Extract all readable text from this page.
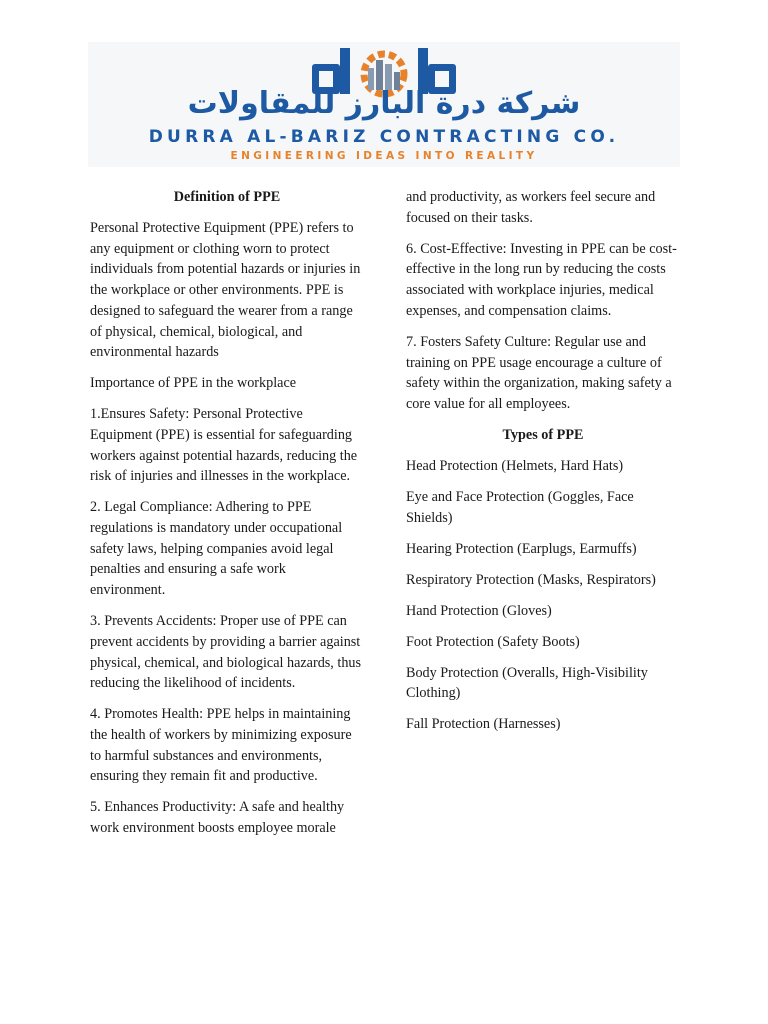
شركة درة البارز للمقاولات
DURRA AL-BARIZ CONTRACTING CO.
ENGINEERING IDEAS INTO REALITY
Definition of PPE

Personal Protective Equipment (PPE) refers to any equipment or clothing worn to protect individuals from potential hazards or injuries in the workplace or other environments. PPE is designed to safeguard the wearer from a range of physical, chemical, biological, and environmental hazards

Importance of PPE in the workplace

1.Ensures Safety: Personal Protective Equipment (PPE) is essential for safeguarding workers against potential hazards, reducing the risk of injuries and illnesses in the workplace.

2. Legal Compliance: Adhering to PPE regulations is mandatory under occupational safety laws, helping companies avoid legal penalties and ensuring a safe work environment.

3. Prevents Accidents: Proper use of PPE can prevent accidents by providing a barrier against physical, chemical, and biological hazards, thus reducing the likelihood of incidents.

4. Promotes Health: PPE helps in maintaining the health of workers by minimizing exposure to harmful substances and environments, ensuring they remain fit and productive.

5. Enhances Productivity: A safe and healthy work environment boosts employee morale

and productivity, as workers feel secure and focused on their tasks.

6. Cost-Effective: Investing in PPE can be cost-effective in the long run by reducing the costs associated with workplace injuries, medical expenses, and compensation claims.

7. Fosters Safety Culture: Regular use and training on PPE usage encourage a culture of safety within the organization, making safety a core value for all employees.

Types of PPE

Head Protection (Helmets, Hard Hats)

Eye and Face Protection (Goggles, Face Shields)

Hearing Protection (Earplugs, Earmuffs)

Respiratory Protection (Masks, Respirators)

Hand Protection (Gloves)

Foot Protection (Safety Boots)

Body Protection (Overalls, High-Visibility Clothing)

Fall Protection (Harnesses)
